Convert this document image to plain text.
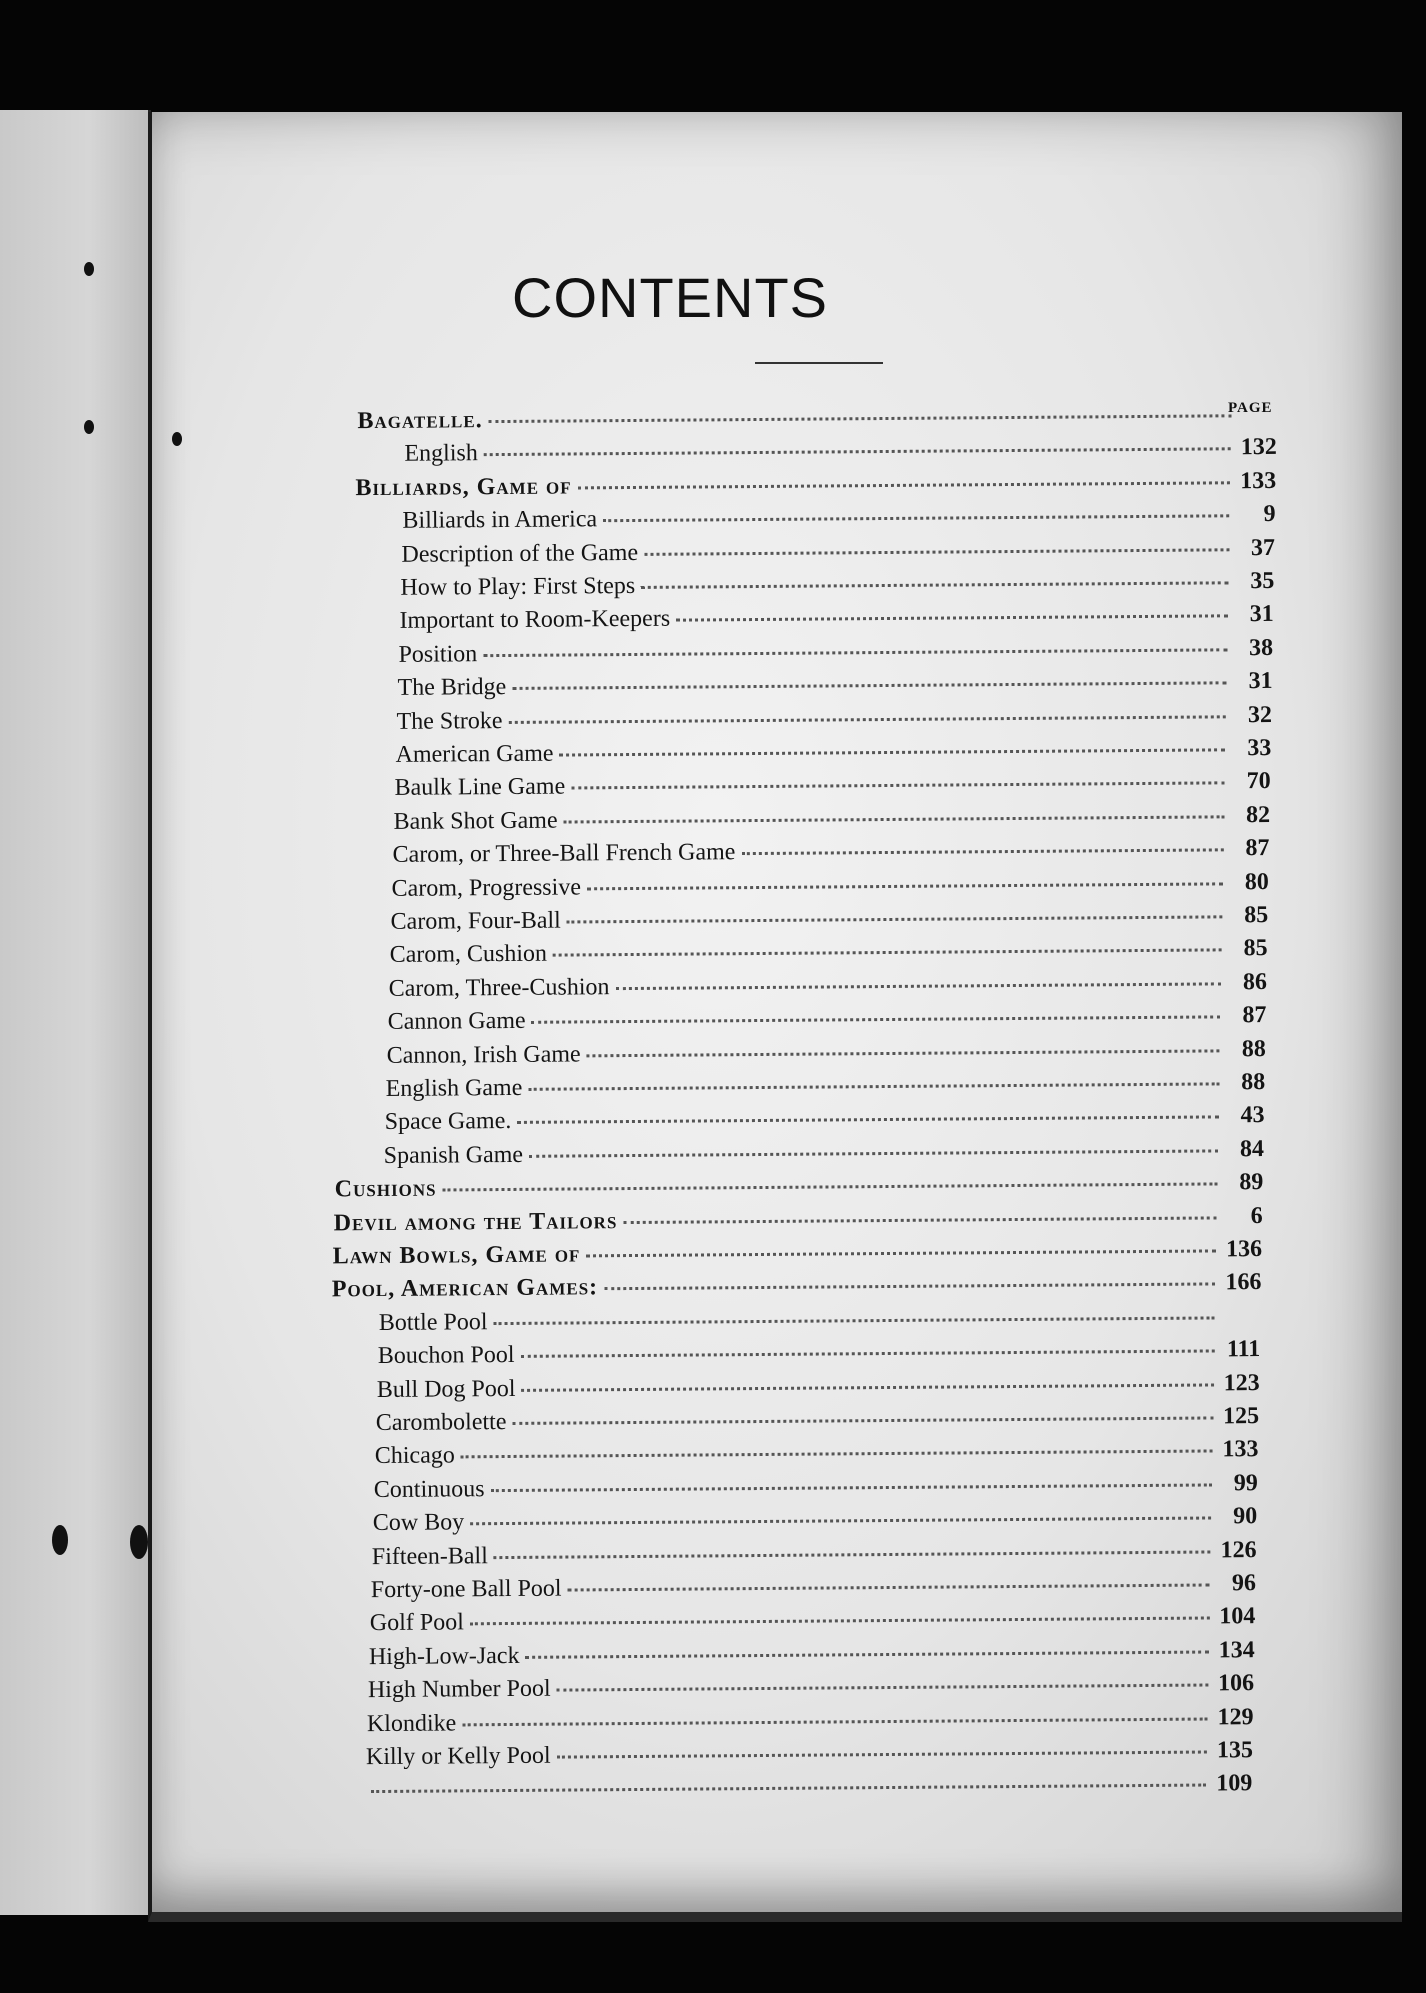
CONTENTS
PAGE
Bagatelle.
English	132
Billiards, Game of	133
Billiards in America	9
Description of the Game	37
How to Play: First Steps	35
Important to Room-Keepers	31
Position	38
The Bridge	31
The Stroke	32
American Game	33
Baulk Line Game	70
Bank Shot Game	82
Carom, or Three-Ball French Game	87
Carom, Progressive	80
Carom, Four-Ball	85
Carom, Cushion	85
Carom, Three-Cushion	86
Cannon Game	87
Cannon, Irish Game	88
English Game	88
Space Game.	43
Spanish Game	84
Cushions	89
Devil among the Tailors	6
Lawn Bowls, Game of	136
Pool, American Games:	166
Bottle Pool
Bouchon Pool	111
Bull Dog Pool	123
Carombolette	125
Chicago	133
Continuous	99
Cow Boy	90
Fifteen-Ball	126
Forty-one Ball Pool	96
Golf Pool	104
High-Low-Jack	134
High Number Pool	106
Klondike	129
Killy or Kelly Pool	135
109
